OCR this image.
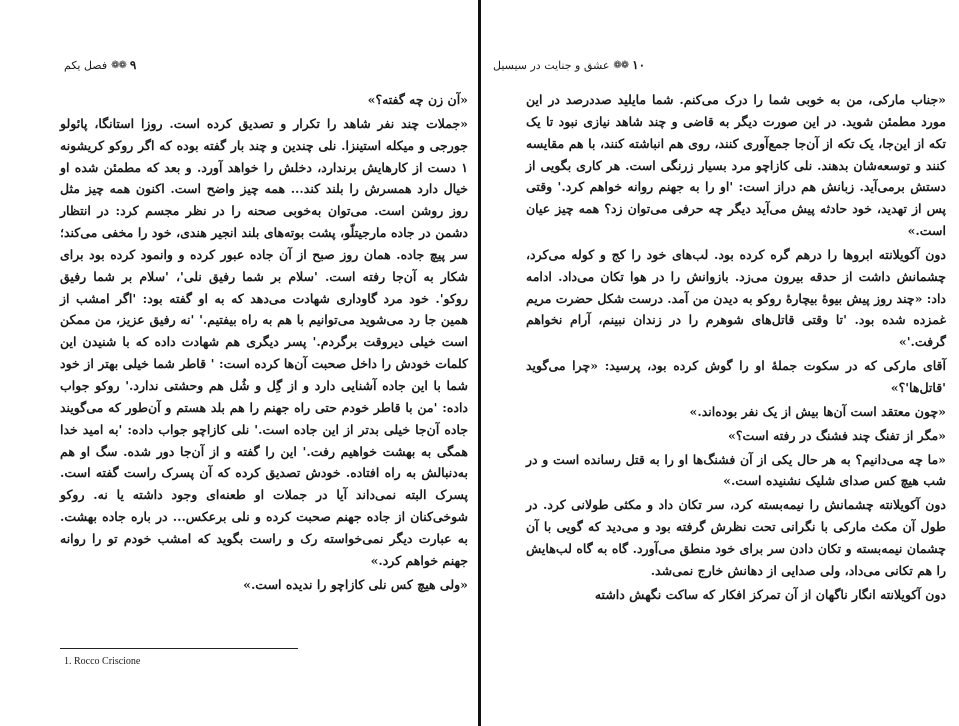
۹
❁❁
فصل یکم

«آن زن چه گفته؟»

«جملات چند نفر شاهد را تکرار و تصدیق کرده است. روزا استانگا، پائولو جورجی و میکله استینزا. نلی چندین و چند بار گفته بوده که اگر روکو کریشونه ۱ دست از کارهایش برندارد، دخلش را خواهد آورد. و بعد که مطمئن شده او خیال دارد همسرش را بلند کند... همه چیز واضح است. اکنون همه چیز مثل روز روشن است. می‌توان به‌خوبی صحنه را در نظر مجسم کرد: در انتظار دشمن در جاده مارجیتلّو، پشت بوته‌های بلند انجیر هندی، خود را مخفی می‌کند؛ سر پیچ جاده. همان روز صبح از آن جاده عبور کرده و وانمود کرده بود برای شکار به آن‌جا رفته است. 'سلام بر شما رفیق نلی'، 'سلام بر شما رفیق روکو'. خود مرد گاوداری شهادت می‌دهد که به او گفته بود: 'اگر امشب از همین جا رد می‌شوید می‌توانیم با هم به راه بیفتیم.' 'نه رفیق عزیز، من ممکن است خیلی دیروقت برگردم.' پسر دیگری هم شهادت داده که با شنیدن این کلمات خودش را داخل صحبت آن‌ها کرده است: ' قاطر شما خیلی بهتر از خود شما با این جاده آشنایی دارد و از گِل و شُل هم وحشتی ندارد.' روکو جواب داده: 'من با قاطر خودم حتی راه جهنم را هم بلد هستم و آن‌طور که می‌گویند جاده آن‌جا خیلی بدتر از این جاده است.' نلی کازاچو جواب داده: 'به امید خدا همگی به بهشت خواهیم رفت.' این را گفته و از آن‌جا دور شده. سگ او هم به‌دنبالش به راه افتاده. خودش تصدیق کرده که آن پسرک راست گفته است. پسرک البته نمی‌داند آیا در جملات او طعنه‌ای وجود داشته یا نه. روکو شوخی‌کنان از جاده جهنم صحبت کرده و نلی برعکس... در باره جاده بهشت. به عبارت دیگر نمی‌خواسته رک و راست بگوید که امشب خودم تو را روانه جهنم خواهم کرد.»

«ولی هیچ کس نلی کازاچو را ندیده است.»

1. Rocco Criscione
۱۰
❁❁
عشق و جنایت در سیسیل

«جناب مارکی، من به خوبی شما را درک می‌کنم. شما مایلید صددرصد در این مورد مطمئن شوید. در این صورت دیگر به قاضی و چند شاهد نیازی نبود تا یک تکه از این‌جا، یک تکه از آن‌جا جمع‌آوری کنند، روی هم انباشته کنند، با هم مقایسه کنند و توسعه‌شان بدهند. نلی کازاچو مرد بسیار زرنگی است. هر کاری بگویی از دستش برمی‌آید. زبانش هم دراز است: 'او را به جهنم روانه خواهم کرد.' وقتی پس از تهدید، خود حادثه پیش می‌آید دیگر چه حرفی می‌توان زد؟ همه چیز عیان است.»

دون آکویلانته ابروها را درهم گره کرده بود. لب‌های خود را کج و کوله می‌کرد، چشمانش داشت از حدقه بیرون می‌زد. بازوانش را در هوا تکان می‌داد. ادامه داد: «چند روز پیش بیوهٔ بیچارهٔ روکو به دیدن من آمد. درست شکل حضرت مریم غمزده شده بود. 'تا وقتی قاتل‌های شوهرم را در زندان نبینم، آرام نخواهم گرفت.'»

آقای مارکی که در سکوت جملهٔ او را گوش کرده بود، پرسید: «چرا می‌گوید 'قاتل‌ها'؟»

«چون معتقد است آن‌ها بیش از یک نفر بوده‌اند.»

«مگر از تفنگ چند فشنگ در رفته است؟»

«ما چه می‌دانیم؟ به هر حال یکی از آن فشنگ‌ها او را به قتل رسانده است و در شب هیچ کس صدای شلیک نشنیده است.»

دون آکویلانته چشمانش را نیمه‌بسته کرد، سر تکان داد و مکثی طولانی کرد. در طول آن مکث مارکی با نگرانی تحت نظرش گرفته بود و می‌دید که گویی با آن چشمان نیمه‌بسته و تکان دادن سر برای خود منطق می‌آورد. گاه به گاه لب‌هایش را هم تکانی می‌داد، ولی صدایی از دهانش خارج نمی‌شد.

دون آکویلانته انگار ناگهان از آن تمرکز افکار که ساکت نگهش داشته
